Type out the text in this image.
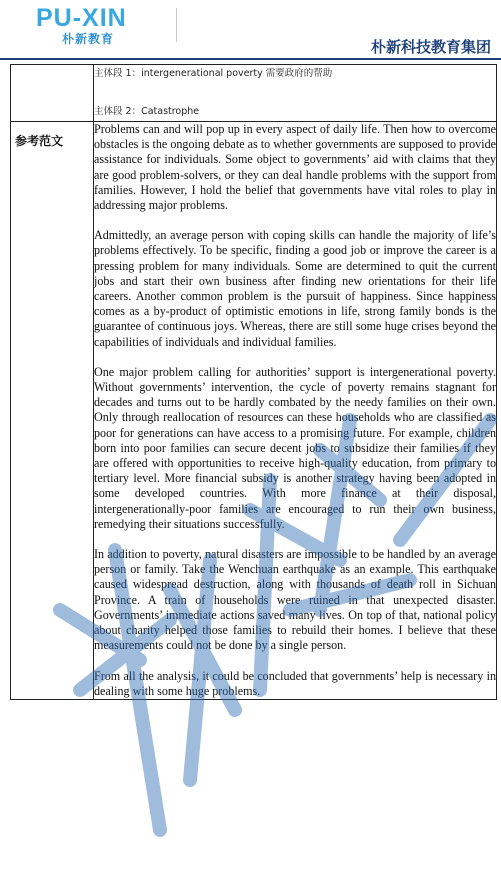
PU-XIN
朴新教育	朴新科技教育集团

	主体段 1：intergenerational poverty 需要政府的帮助
主体段 2：Catastrophe

参考范文	Problems can and will pop up in every aspect of daily life. Then how to overcome obstacles is the ongoing debate as to whether governments are supposed to provide assistance for individuals. Some object to governments’ aid with claims that they are good problem-solvers, or they can deal handle problems with the support from families. However, I hold the belief that governments have vital roles to play in addressing major problems.

Admittedly, an average person with coping skills can handle the majority of life’s problems effectively. To be specific, finding a good job or improve the career is a pressing problem for many individuals. Some are determined to quit the current jobs and start their own business after finding new orientations for their life careers. Another common problem is the pursuit of happiness. Since happiness comes as a by-product of optimistic emotions in life, strong family bonds is the guarantee of continuous joys. Whereas, there are still some huge crises beyond the capabilities of individuals and individual families.

One major problem calling for authorities’ support is intergenerational poverty. Without governments’ intervention, the cycle of poverty remains stagnant for decades and turns out to be hardly combated by the needy families on their own. Only through reallocation of resources can these households who are classified as poor for generations can have access to a promising future. For example, children born into poor families can secure decent jobs to subsidize their families if they are offered with opportunities to receive high-quality education, from primary to tertiary level. More financial subsidy is another strategy having been adopted in some developed countries. With more finance at their disposal, intergenerationally-poor families are encouraged to run their own business, remedying their situations successfully.

In addition to poverty, natural disasters are impossible to be handled by an average person or family. Take the Wenchuan earthquake as an example. This earthquake caused widespread destruction, along with thousands of death roll in Sichuan Province. A train of households were ruined in that unexpected disaster. Governments’ immediate actions saved many lives. On top of that, national policy about charity helped those families to rebuild their homes. I believe that these measurements could not be done by a single person.

From all the analysis, it could be concluded that governments’ help is necessary in dealing with some huge problems.
